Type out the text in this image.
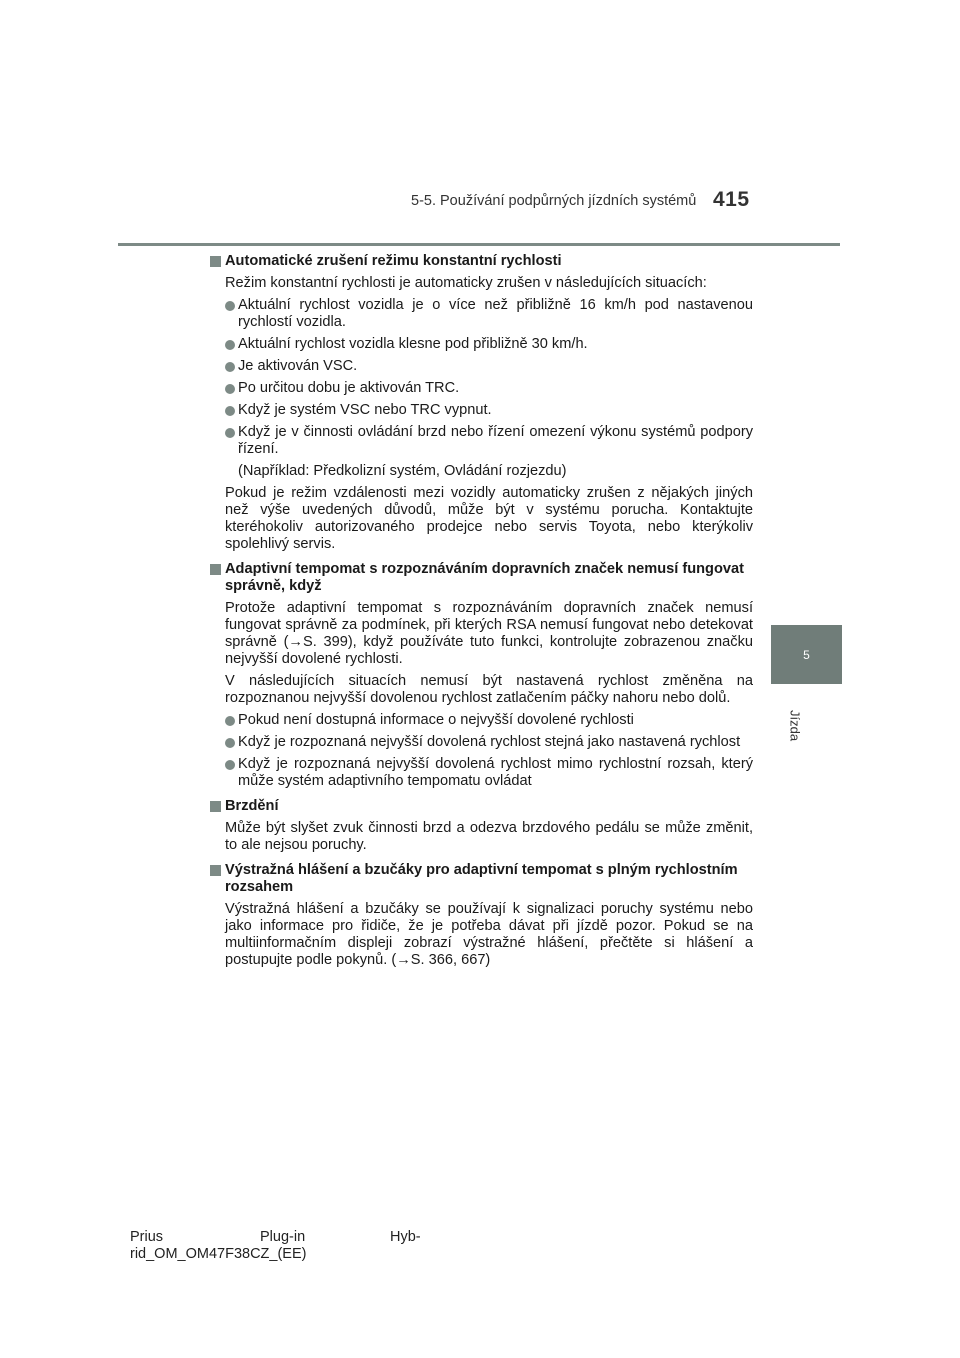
5-5. Používání podpůrných jízdních systémů 415
5
Jízda
Automatické zrušení režimu konstantní rychlosti
Režim konstantní rychlosti je automaticky zrušen v následujících situacích:
Aktuální rychlost vozidla je o více než přibližně 16 km/h pod nastavenou rychlostí vozidla.
Aktuální rychlost vozidla klesne pod přibližně 30 km/h.
Je aktivován VSC.
Po určitou dobu je aktivován TRC.
Když je systém VSC nebo TRC vypnut.
Když je v činnosti ovládání brzd nebo řízení omezení výkonu systémů podpory řízení.
(Například: Předkolizní systém, Ovládání rozjezdu)
Pokud je režim vzdálenosti mezi vozidly automaticky zrušen z nějakých jiných než výše uvedených důvodů, může být v systému porucha. Kontaktujte kteréhokoliv autorizovaného prodejce nebo servis Toyota, nebo kterýkoliv spolehlivý servis.
Adaptivní tempomat s rozpoznáváním dopravních značek nemusí fungovat správně, když
Protože adaptivní tempomat s rozpoznáváním dopravních značek nemusí fungovat správně za podmínek, při kterých RSA nemusí fungovat nebo detekovat správně (→S. 399), když používáte tuto funkci, kontrolujte zobrazenou značku nejvyšší dovolené rychlosti.
V následujících situacích nemusí být nastavená rychlost změněna na rozpoznanou nejvyšší dovolenou rychlost zatlačením páčky nahoru nebo dolů.
Pokud není dostupná informace o nejvyšší dovolené rychlosti
Když je rozpoznaná nejvyšší dovolená rychlost stejná jako nastavená rychlost
Když je rozpoznaná nejvyšší dovolená rychlost mimo rychlostní rozsah, který může systém adaptivního tempomatu ovládat
Brzdění
Může být slyšet zvuk činnosti brzd a odezva brzdového pedálu se může změnit, to ale nejsou poruchy.
Výstražná hlášení a bzučáky pro adaptivní tempomat s plným rychlostním rozsahem
Výstražná hlášení a bzučáky se používají k signalizaci poruchy systému nebo jako informace pro řidiče, že je potřeba dávat při jízdě pozor. Pokud se na multiinformačním displeji zobrazí výstražné hlášení, přečtěte si hlášení a postupujte podle pokynů. (→S. 366, 667)
Prius	Plug-in	Hyb-
rid_OM_OM47F38CZ_(EE)
